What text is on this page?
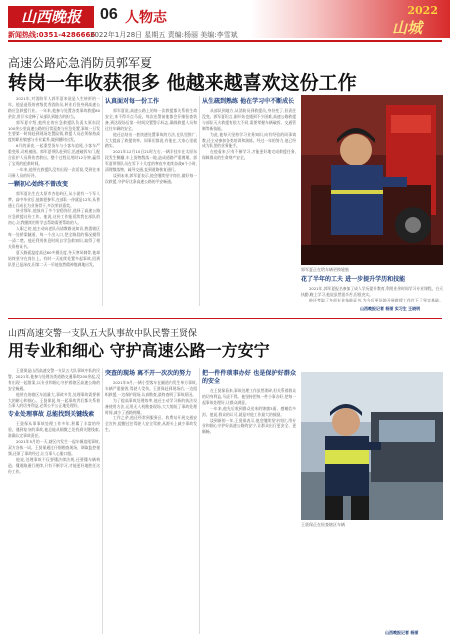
山西晚报	06 人物志
新闻热线:0351-4286666
2022年1月28日 星期五 责编:杨丽 美编:李雪斌
2022
山城
高速公路応急消防员郭军夏
转岗一年收获很多 他越来越喜欢这份工作
2021年,对消防军人郭军夏来说是人生转折的一年。他是退役的省级优秀消防员,转业后投身到高速公路应急救援行业。一年来,他参与处置各类事故救援80余次,用汗水诠释了从部队到地方的担当。
郭军夏介绍,他所在的应急救援队负责太原东段100余公里高速公路的日常巡查与应急处置,事故一旦发生要第一时间赶到现场处置险情,救援人员必须保持高度的职业敏感与专业素养,做到随时出发。
6月的深夜,一起重型货车与小客车追尾,小客车严重变形,司机被困。郭军夏带队赶到后,迅速破拆车门,配合医护人员将伤者救出。整个过程仅用时12分钟,赢得了宝贵的抢救时间。
一年来,他所在救援队没有出现一次延误,受到往来司乘人员的好评。
一颗初心始终不曾改变
郭军夏出生在太原市杏花岭区,从小就有一个军人梦。高中毕业后,他如愿参军,在部队一待就是12年,从普通士兵成长为业务骨干,多次荣获嘉奖。
转业那年,他放弃了多个安稳岗位,选择了高速公路应急救援这份工作。他说,这份工作能延续我在部队的初心,让我继续用所学去帮助需要帮助的人。
入职之初,他主动向老队员请教路况知识,熟悉辖区每一处桥梁隧道、每一个出入口,把全路段的情况摸得一清二楚。他还利用休息时间自学急救知识,取得了相关资格证书。
夏天路面温度高达60多摄氏度,冬天寒风刺骨,他却始终坚守在岗位上。有时一天连续处置多起事故,回到队里已是深夜,但第二天一早他依然精神饱满地出发。
认真面对每一份工作
郭军夏说,高速公路上的每一次救援都关系着生命安全,来不得半点马虎。每次出警前他都会仔细检查装备,到达现场后第一时间设置警示标志,确保救援人员和过往车辆的安全。
他还总结出一套快速处置事故的方法,在队里推广,大大提高了救援效率。同事们都说,有他在,大家心里就踏实。
2021年12月10日21时左右,一辆半挂车在太原东段发生侧翻,车上货物散落一地,造成道路严重拥堵。郭军夏带领队员在零下十几度的寒夜中连续奋战6个小时,清理散落物、疏导交通,直到道路恢复通行。
谈到未来,郭军夏表示,他会继续坚守岗位,做好每一次救援,守护好这条高速公路的平安畅通。
从生疏到熟练 他在学习中不断成长
从部队到地方,从消防员到救援员,身份变了,但责任没变。郭军夏坦言,刚开始也遇到不少困难,高速公路救援与部队灭火救援有很大不同,需要掌握车辆破拆、交通管制等新技能。
为此,他每天坚持学习业务知识,向有经验的同事请教,还主动参加各类培训和演练。经过一年的努力,他已经成为队里的业务能手。
在他看来,只有不断学习,才能更好地完成救援任务,保障群众的生命财产安全。
郭军夏正在给车辆更换轮胎
花了半年的工夫 进一步提升学历和技能
2021年,郭军夏报名参加了成人学历提升教育,利用业余时间学习专业课程。白天执勤,晚上学习,他说虽然很辛苦,但很充实。
他还考取了多项专业技能证书,为今后更好地开展救援工作打下了坚实基础。
山西晚报记者 杨丽 实习生 王晓明
山西高速交警一支队五大队事故中队民警王贤保
用专业和细心 守护高速公路一方安宁
王贤保是山西高速交警一支队五大队事故中队的民警。2021年,他参与处理各类道路交通事故200余起,没有出现一起错案,以专业和细心守护着辖区高速公路的安全畅通。
他所在的辖区车流量大,事故多发,处理事故需要极大的耐心和细心。王贤保说,每一起事故背后都关系着当事人的切身利益,必须公平公正地处理好。
专业处理事故 总能找到关键线索
王贤保从事事故处理工作多年,积累了丰富的经验。遇到复杂的事故,他总能从细微之处找到关键线索,准确认定事故责任。
2021年5月的一天,辖区内发生一起车辆追尾事故,双方各执一词。王贤保通过仔细勘查现场、调取监控视频,还原了事故经过,让当事人心服口服。
他说,处理事故不仅要懂法律法规,还要懂车辆构造、懂道路通行规律,只有不断学习,才能更好地胜任这份工作。
突查的现场 离不开一次次的努力
2021年9月,一辆小型客车在隧道内发生单方事故,车辆严重损毁,驾驶人受伤。王贤保赶到现场后,一边组织救援,一边保护现场,认真勘查,最终查明了事故原因。
为了提高事故处理效率,他还主动学习新的执法设备使用方法,运用无人机勘查现场,大大缩短了事故处理时间,减少了道路拥堵。
工作之余,他还经常到服务区、收费站开展交通安全宣传,提醒过往驾驶人安全驾驶,从源头上减少事故发生。
把一件件琐事办好 也是保护好群众的安全
在王贤保看来,事故处理工作虽然琐碎,但关系着群众的切身利益,马虎不得。他坚持把每一件小事办好,把每一起事故处理好,让群众满意。
一年来,他先后收到群众送来的锦旗3面、感谢信多封。他说,群众的认可,就是对他工作最大的鼓励。
谈到新的一年,王贤保表示,他会继续坚守岗位,用专业和细心守护好高速公路的安宁,让群众出行更安全、更顺畅。
王贤保正在检查辖区车辆
山西晚报记者 杨丽
